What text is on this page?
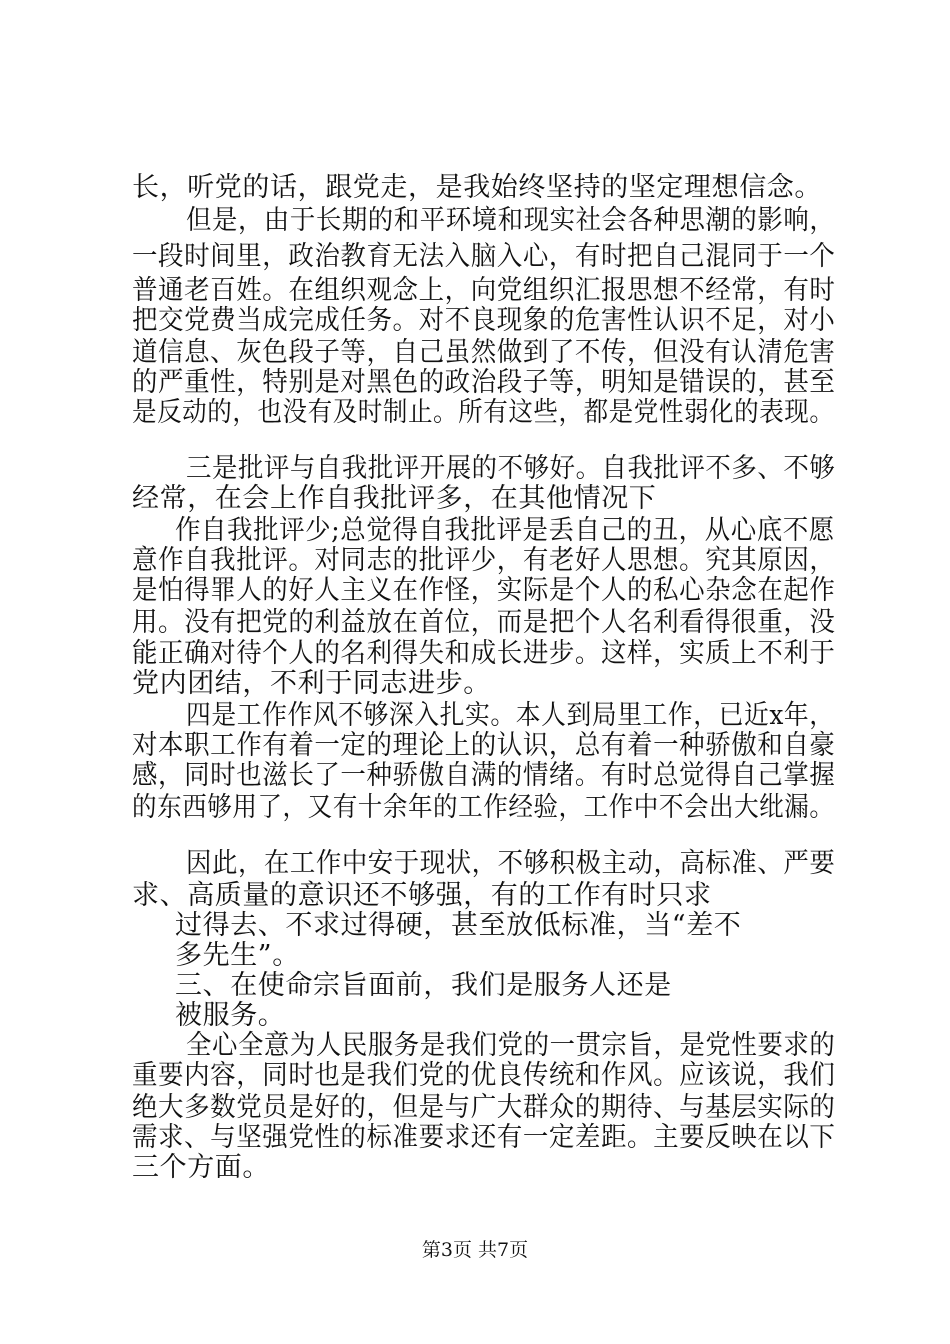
长，听党的话，跟党走，是我始终坚持的坚定理想信念。
但是，由于长期的和平环境和现实社会各种思潮的影响，
一段时间里，政治教育无法入脑入心，有时把自己混同于一个
普通老百姓。在组织观念上，向党组织汇报思想不经常，有时
把交党费当成完成任务。对不良现象的危害性认识不足，对小
道信息、灰色段子等，自己虽然做到了不传，但没有认清危害
的严重性，特别是对黑色的政治段子等，明知是错误的，甚至
是反动的，也没有及时制止。所有这些，都是党性弱化的表现。
三是批评与自我批评开展的不够好。自我批评不多、不够
经常，在会上作自我批评多，在其他情况下
作自我批评少;总觉得自我批评是丢自己的丑，从心底不愿
意作自我批评。对同志的批评少，有老好人思想。究其原因，
是怕得罪人的好人主义在作怪，实际是个人的私心杂念在起作
用。没有把党的利益放在首位，而是把个人名利看得很重，没
能正确对待个人的名利得失和成长进步。这样，实质上不利于
党内团结，不利于同志进步。
四是工作作风不够深入扎实。本人到局里工作，已近x年，
对本职工作有着一定的理论上的认识，总有着一种骄傲和自豪
感，同时也滋长了一种骄傲自满的情绪。有时总觉得自己掌握
的东西够用了，又有十余年的工作经验，工作中不会出大纰漏。
因此，在工作中安于现状，不够积极主动，高标准、严要
求、高质量的意识还不够强，有的工作有时只求
过得去、不求过得硬，甚至放低标准，当“差不
多先生”。
三、在使命宗旨面前，我们是服务人还是
被服务。
全心全意为人民服务是我们党的一贯宗旨，是党性要求的
重要内容，同时也是我们党的优良传统和作风。应该说，我们
绝大多数党员是好的，但是与广大群众的期待、与基层实际的
需求、与坚强党性的标准要求还有一定差距。主要反映在以下
三个方面。
第3页 共7页
